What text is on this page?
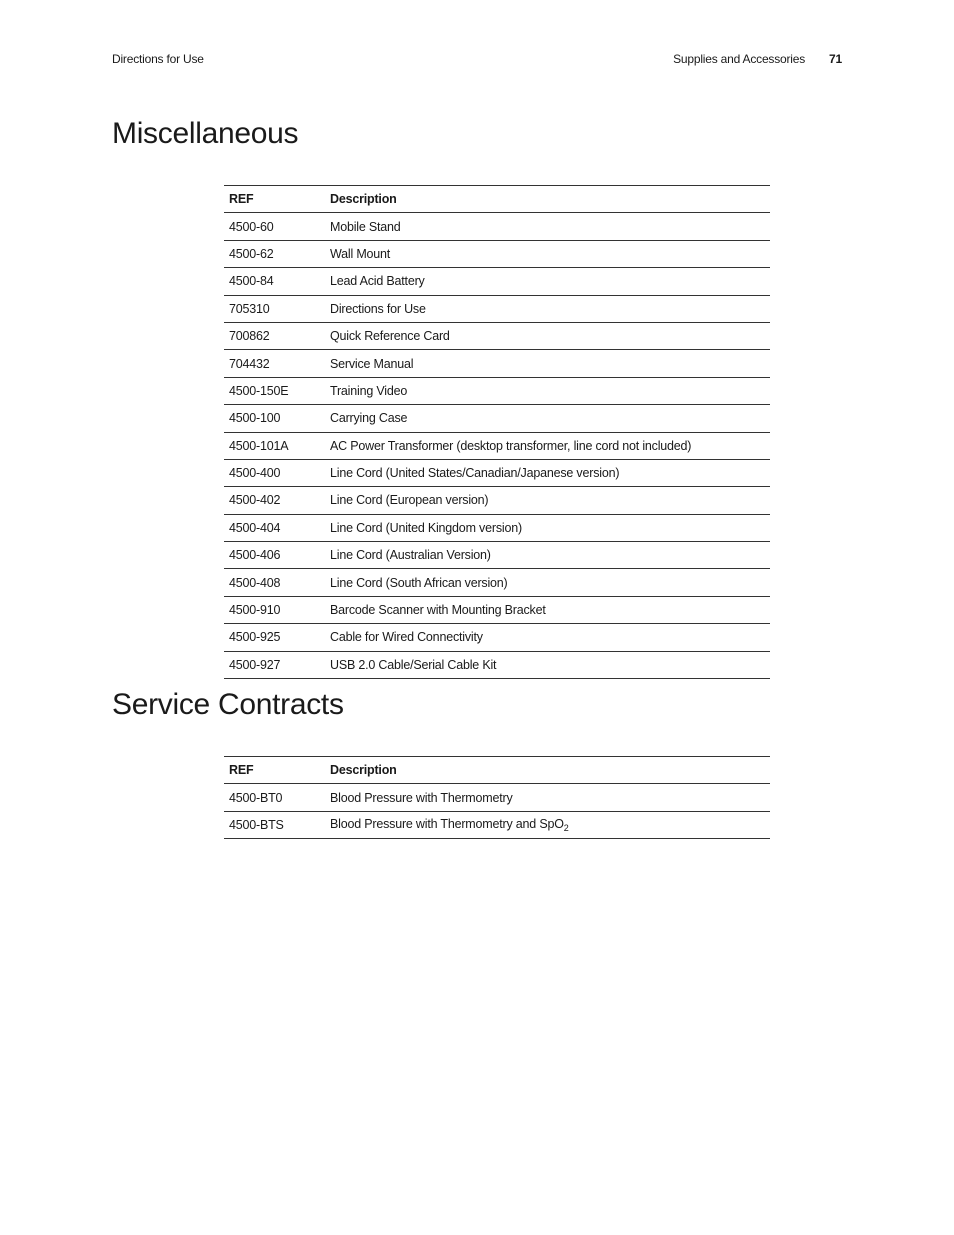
Directions for Use	Supplies and Accessories 71
Miscellaneous
REF	Description
4500-60	Mobile Stand
4500-62	Wall Mount
4500-84	Lead Acid Battery
705310	Directions for Use
700862	Quick Reference Card
704432	Service Manual
4500-150E	Training Video
4500-100	Carrying Case
4500-101A	AC Power Transformer (desktop transformer, line cord not included)
4500-400	Line Cord (United States/Canadian/Japanese version)
4500-402	Line Cord (European version)
4500-404	Line Cord (United Kingdom version)
4500-406	Line Cord (Australian Version)
4500-408	Line Cord (South African version)
4500-910	Barcode Scanner with Mounting Bracket
4500-925	Cable for Wired Connectivity
4500-927	USB 2.0 Cable/Serial Cable Kit
Service Contracts
REF	Description
4500-BT0	Blood Pressure with Thermometry
4500-BTS	Blood Pressure with Thermometry and SpO$_2$
